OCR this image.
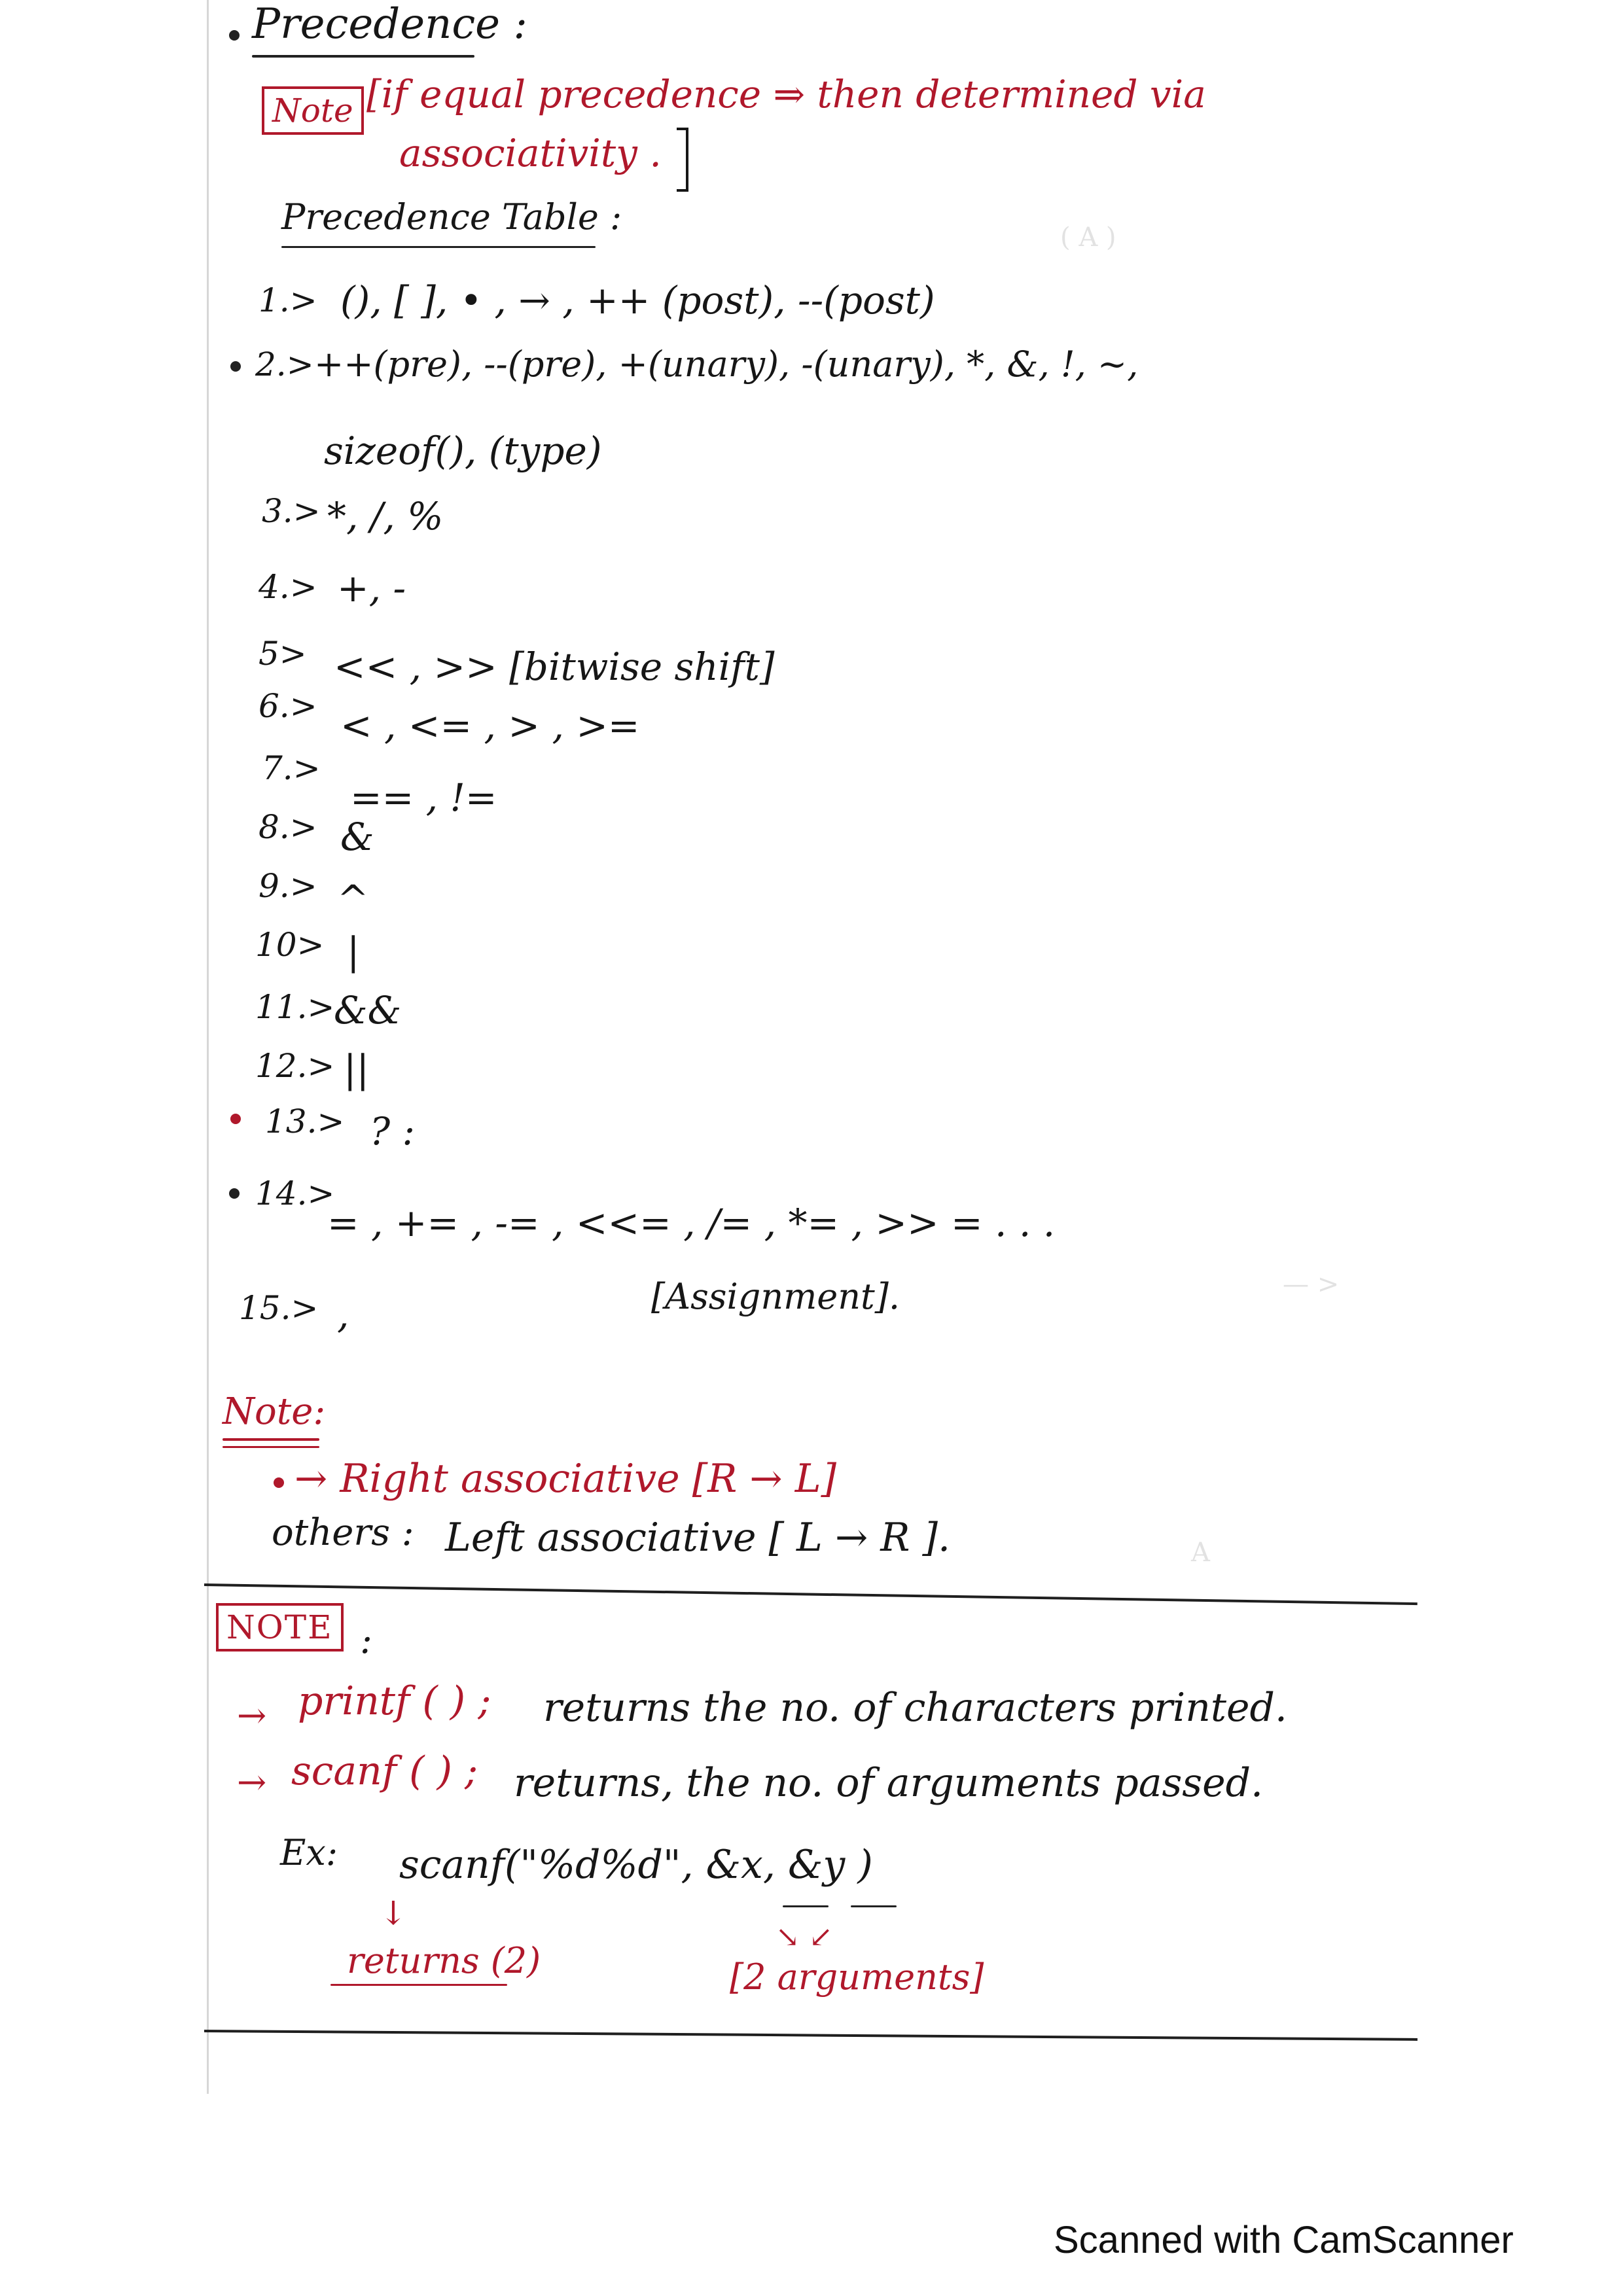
( A )
— >
A
Precedence :
Note [if equal precedence ⇒ then determined via
associativity .
Precedence Table :
1.> (), [ ], • , → , ++ (post), --(post)
2.> ++(pre), --(pre), +(unary), -(unary), *, &, !, ~,
sizeof(), (type)
3.> *, /, %
4.> +, -
5> << , >> [bitwise shift]
6.> < , <= , > , >=
7.>
== , !=
8.> &
9.> ^
10> |
11.>
&&
12.> ||
13.> ? :
14.>
= , += , -= , <<= , /= , *= , >> = . . .
[Assignment].
15.> ,
Note:
→ Right associative [R → L]
others : Left associative [ L → R ].
NOTE :
→ printf ( ) ; returns the no. of characters printed.
→ scanf ( ) ; returns, the no. of arguments passed.
Ex: scanf("%d%d", &x, &y )
↓
returns (2)
↘ ↙
[2 arguments]
Scanned with CamScanner
